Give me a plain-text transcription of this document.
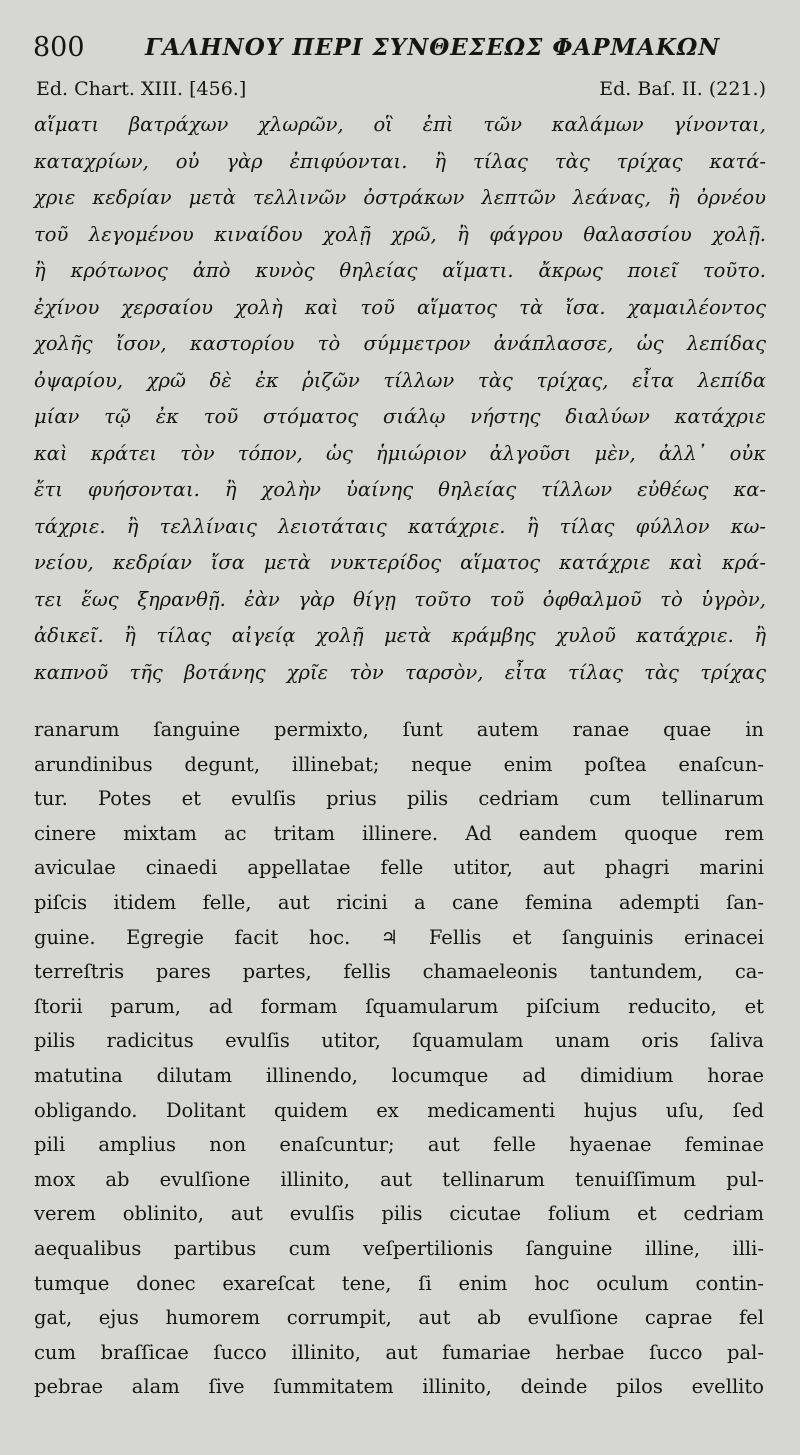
800	ΓΑΛΗΝΟΥ ΠΕΡΙ ΣΥΝΘΕΣΕΩΣ ΦΑΡΜΑΚΩΝ
Ed. Chart. XIII. [456.]	Ed. Baſ. II. (221.)
αἵματι βατράχων χλωρῶν, οἳ ἐπὶ τῶν καλάμων γίνονται,
καταχρίων, οὐ γὰρ ἐπιφύονται. ἢ τίλας τὰς τρίχας κατά-
χριε κεδρίαν μετὰ τελλινῶν ὀστράκων λεπτῶν λεάνας, ἢ ὀρνέου
τοῦ λεγομένου κιναίδου χολῇ χρῶ, ἢ φάγρου θαλασσίου χολῇ.
ἢ κρότωνος ἀπὸ κυνὸς θηλείας αἵματι. ἄκρως ποιεῖ τοῦτο.
ἐχίνου χερσαίου χολὴ καὶ τοῦ αἵματος τὰ ἴσα. χαμαιλέοντος
χολῆς ἴσον, καστορίου τὸ σύμμετρον ἀνάπλασσε, ὡς λεπίδας
ὀψαρίου, χρῶ δὲ ἐκ ῥιζῶν τίλλων τὰς τρίχας, εἶτα λεπίδα
μίαν τῷ ἐκ τοῦ στόματος σιάλῳ νήστης διαλύων κατάχριε
καὶ κράτει τὸν τόπον, ὡς ἡμιώριον ἀλγοῦσι μὲν, ἀλλ᾽ οὐκ
ἔτι φυήσονται. ἢ χολὴν ὑαίνης θηλείας τίλλων εὐθέως κα-
τάχριε. ἢ τελλίναις λειοτάταις κατάχριε. ἢ τίλας φύλλον κω-
νείου, κεδρίαν ἴσα μετὰ νυκτερίδος αἵματος κατάχριε καὶ κρά-
τει ἕως ξηρανθῇ. ἐὰν γὰρ θίγῃ τοῦτο τοῦ ὀφθαλμοῦ τὸ ὑγρὸν,
ἀδικεῖ. ἢ τίλας αἰγείᾳ χολῇ μετὰ κράμβης χυλοῦ κατάχριε. ἢ
καπνοῦ τῆς βοτάνης χρῖε τὸν ταρσὸν, εἶτα τίλας τὰς τρίχας
ranarum ſanguine permixto, ſunt autem ranae quae in
arundinibus degunt, illinebat; neque enim poſtea enaſcun-
tur. Potes et evulſis prius pilis cedriam cum tellinarum
cinere mixtam ac tritam illinere. Ad eandem quoque rem
aviculae cinaedi appellatae felle utitor, aut phagri marini
piſcis itidem felle, aut ricini a cane femina adempti ſan-
guine. Egregie facit hoc. ♃ Fellis et ſanguinis erinacei
terreſtris pares partes, fellis chamaeleonis tantundem, ca-
ſtorii parum, ad formam ſquamularum piſcium reducito, et
pilis radicitus evulſis utitor, ſquamulam unam oris ſaliva
matutina dilutam illinendo, locumque ad dimidium horae
obligando. Dolitant quidem ex medicamenti hujus uſu, ſed
pili amplius non enaſcuntur; aut felle hyaenae feminae
mox ab evulſione illinito, aut tellinarum tenuiſſimum pul-
verem oblinito, aut evulſis pilis cicutae folium et cedriam
aequalibus partibus cum veſpertilionis ſanguine illine, illi-
tumque donec exareſcat tene, ſi enim hoc oculum contin-
gat, ejus humorem corrumpit, aut ab evulſione caprae fel
cum braſſicae ſucco illinito, aut fumariae herbae ſucco pal-
pebrae alam ſive ſummitatem illinito, deinde pilos evellito
